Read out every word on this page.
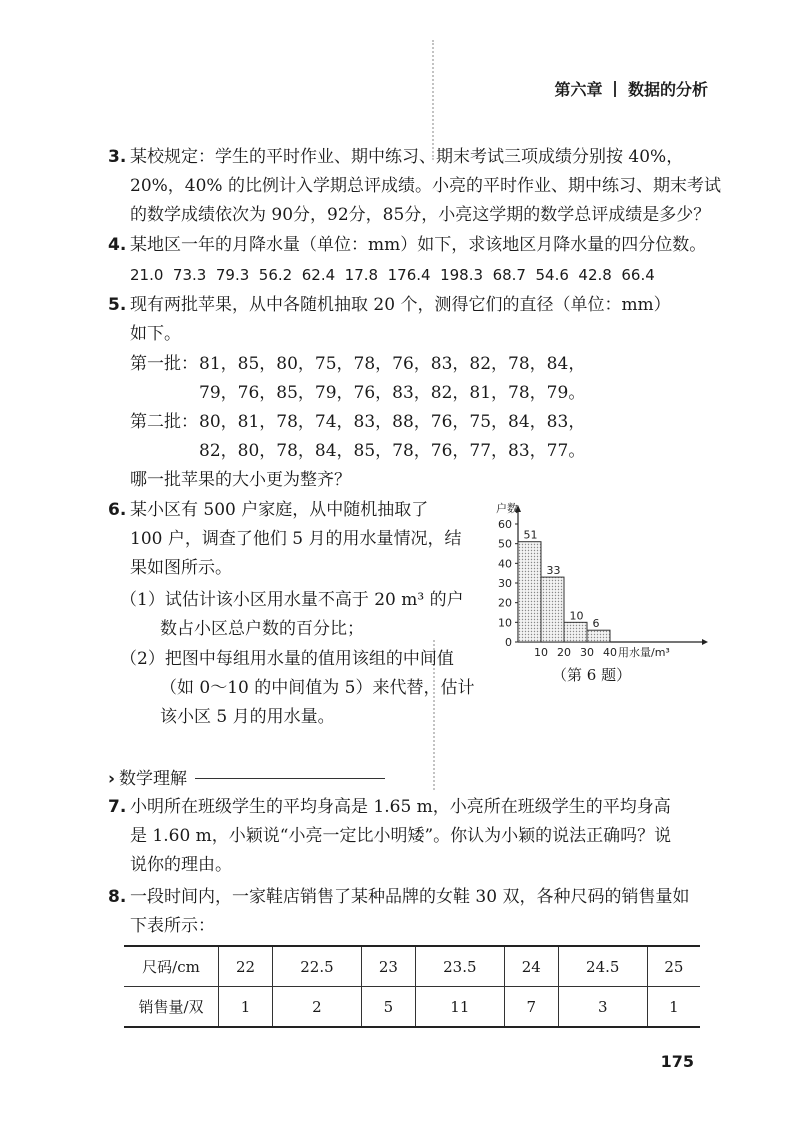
第六章 数据的分析
3. 某校规定：学生的平时作业、期中练习、期末考试三项成绩分别按 40%，
20%，40% 的比例计入学期总评成绩。小亮的平时作业、期中练习、期末考试
的数学成绩依次为 90分，92分，85分，小亮这学期的数学总评成绩是多少？
4. 某地区一年的月降水量（单位：mm）如下，求该地区月降水量的四分位数。
21.0  73.3  79.3  56.2  62.4  17.8  176.4  198.3  68.7  54.6  42.8  66.4
5. 现有两批苹果，从中各随机抽取 20 个，测得它们的直径（单位：mm）
如下。
第一批： 81，85，80，75，78，76，83，82，78，84，
79，76，85，79，76，83，82，81，78，79。
第二批： 80，81，78，74，83，88，76，75，84，83，
82，80，78，84，85，78，76，77，83，77。
哪一批苹果的大小更为整齐？
6. 某小区有 500 户家庭，从中随机抽取了
100 户，调查了他们 5 月的用水量情况，结
果如图所示。
（1）试估计该小区用水量不高于 20 m³ 的户
数占小区总户数的百分比；
（2）把图中每组用水量的值用该组的中间值
（如 0～10 的中间值为 5）来代替，估计
该小区 5 月的用水量。
0
10
20
30
40
50
60
户数
51
33
10
6
10 20 30 40 用水量/m³
（第 6 题）
› 数学理解
7. 小明所在班级学生的平均身高是 1.65 m，小亮所在班级学生的平均身高
是 1.60 m，小颖说“小亮一定比小明矮”。你认为小颖的说法正确吗？说
说你的理由。
8. 一段时间内，一家鞋店销售了某种品牌的女鞋 30 双，各种尺码的销售量如
下表所示：
尺码/cm	22	22.5	23	23.5	24	24.5	25
销售量/双	1	2	5	11	7	3	1
175
